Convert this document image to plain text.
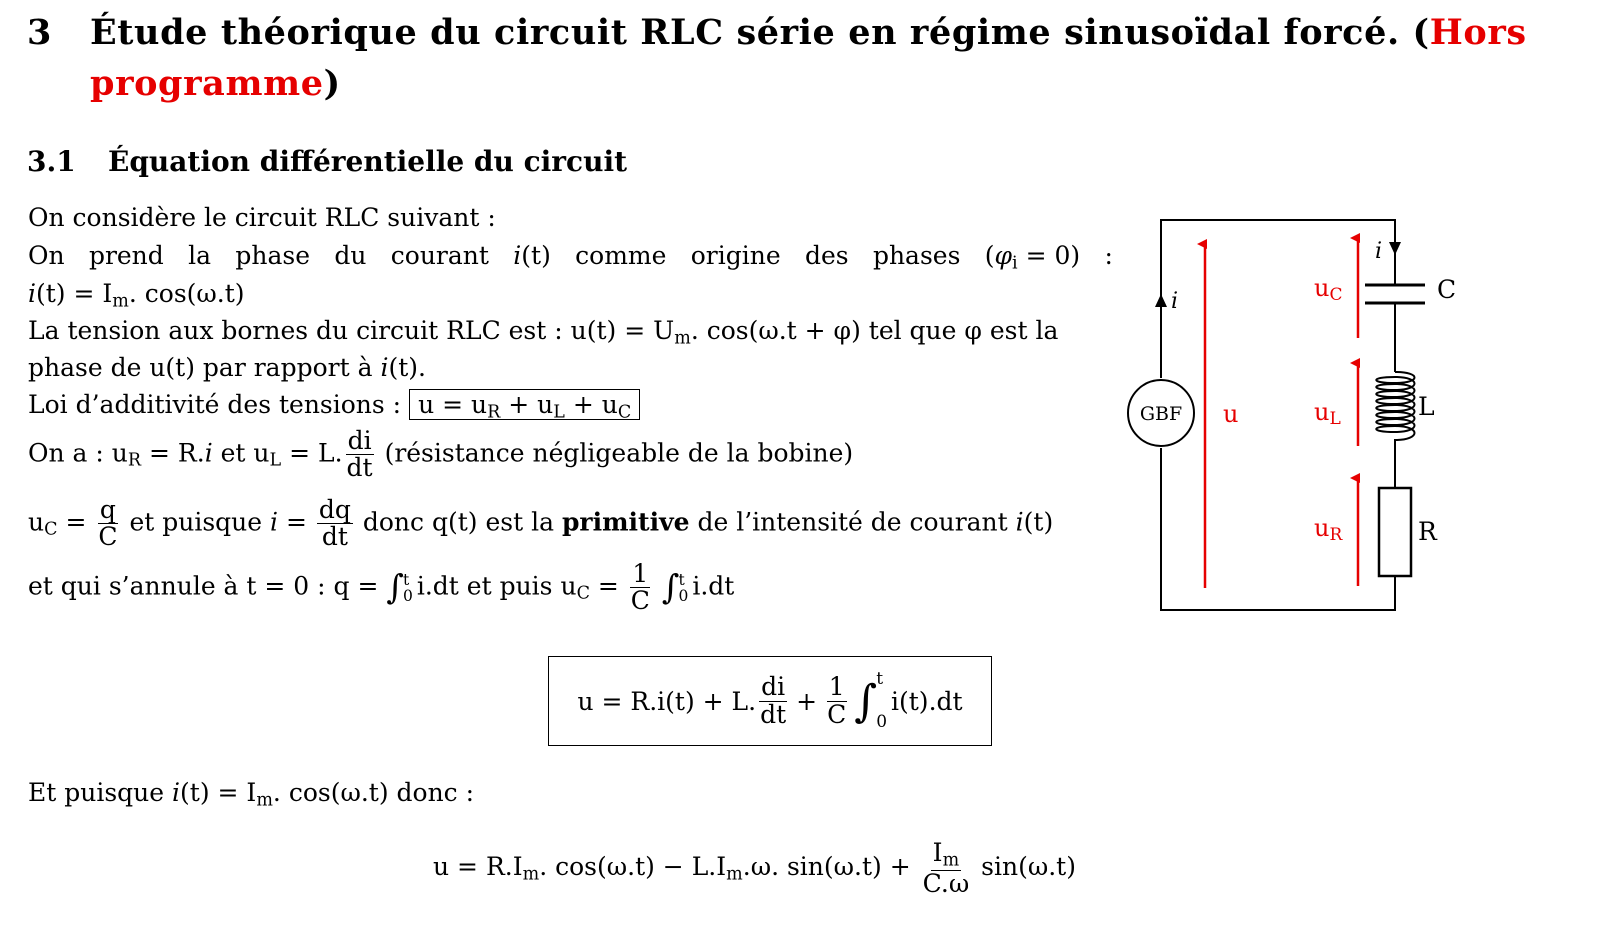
3 Étude théorique du circuit RLC série en régime sinusoïdal forcé. (Hors
programme)
3.1 Équation différentielle du circuit
On considère le circuit RLC suivant :
On prend la phase du courant i(t) comme origine des phases $(\varphi_i = 0)$ :
$i(t) = I_m$. cos(ω.t)
La tension aux bornes du circuit RLC est : $u(t) = U_m$. cos(ω.t + φ) tel que φ est la
phase de u(t) par rapport à i(t).
Loi d’additivité des tensions : $u = u_R + u_L + u_C$
On a : $u_R = R.i$ et $u_L = L$. $\frac{di}{dt}$ (résistance négligeable de la bobine)
$u_C = \frac{q}{C}$ et puisque $i = \frac{dq}{dt}$ donc q(t) est la primitive de l’intensité de courant i(t)
et qui s’annule à t = 0 : q = ∫ t
0 i.dt et puis $u_C = \frac{1}{C}$ ∫ t
0 i.dt
u = R.i(t) + L. $\frac{di}{dt} + \frac{1}{C}$ ∫ t
0
i(t).dt
Et puisque $i(t) = I_m$. cos(ω.t) donc :
$u = R.I_m$. $\cos(\omega.t) - L.I_m.\omega$. $\sin(\omega.t) + \frac{I_m}{C.\omega} \sin(\omega.t)$
i
i
GBF
C
L
R
u
uC
uL
uR
